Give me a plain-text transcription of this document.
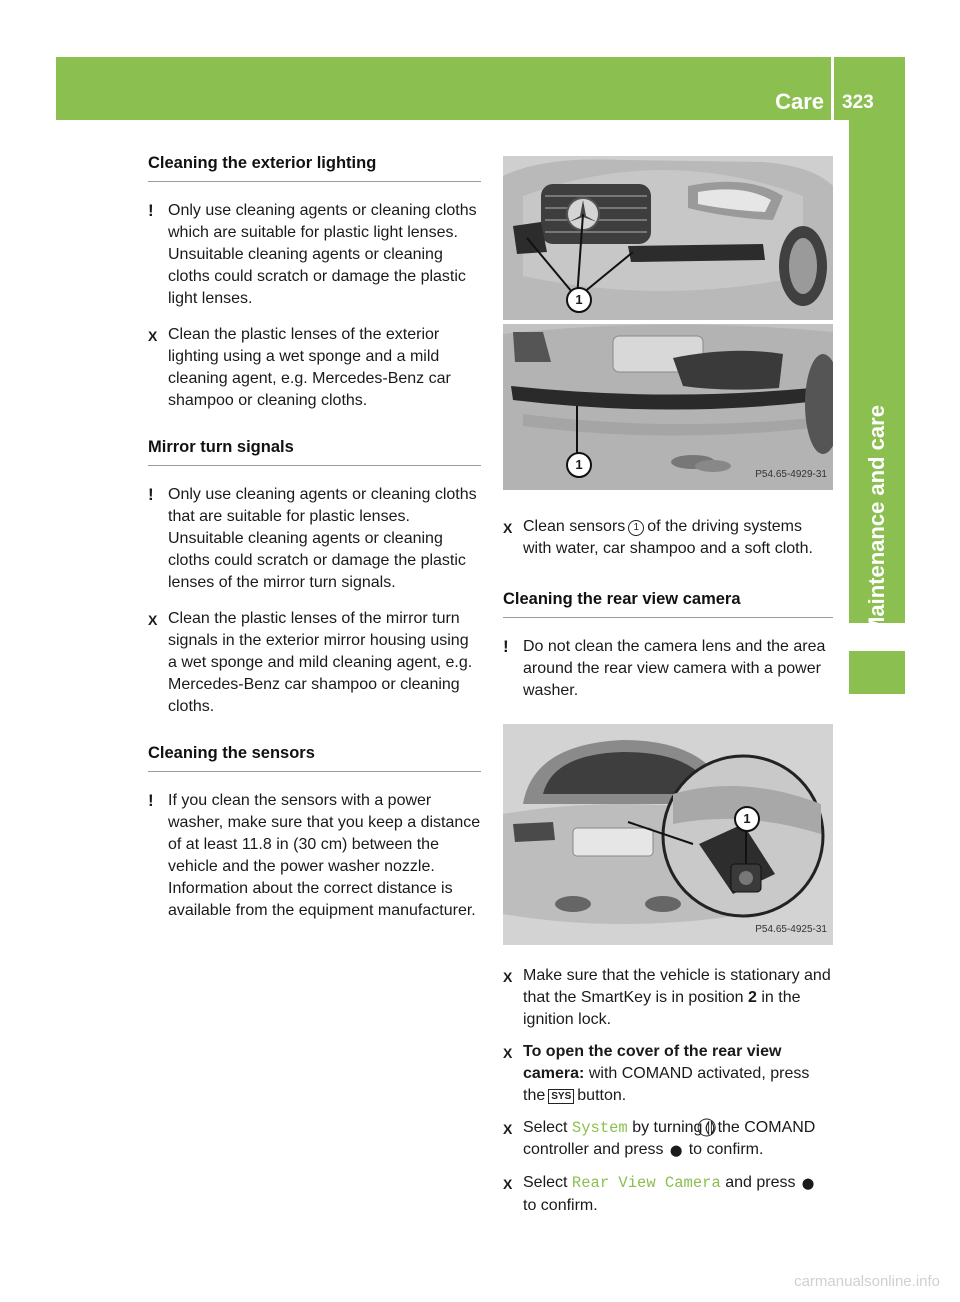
Care 323
Maintenance and care
Cleaning the exterior lighting
! Only use cleaning agents or cleaning cloths which are suitable for plastic light lenses. Unsuitable cleaning agents or cleaning cloths could scratch or damage the plastic light lenses.
X Clean the plastic lenses of the exterior lighting using a wet sponge and a mild cleaning agent, e.g. Mercedes-Benz car shampoo or cleaning cloths.
Mirror turn signals
! Only use cleaning agents or cleaning cloths that are suitable for plastic lenses. Unsuitable cleaning agents or cleaning cloths could scratch or damage the plastic lenses of the mirror turn signals.
X Clean the plastic lenses of the mirror turn signals in the exterior mirror housing using a wet sponge and mild cleaning agent, e.g. Mercedes-Benz car shampoo or cleaning cloths.
Cleaning the sensors
! If you clean the sensors with a power washer, make sure that you keep a distance of at least 11.8 in (30 cm) between the vehicle and the power washer nozzle. Information about the correct distance is available from the equipment manufacturer.
1
1
P54.65-4929-31
X Clean sensors 1 of the driving systems with water, car shampoo and a soft cloth.
Cleaning the rear view camera
! Do not clean the camera lens and the area around the rear view camera with a power washer.
1
P54.65-4925-31
X Make sure that the vehicle is stationary and that the SmartKey is in position 2 in the ignition lock.
X To open the cover of the rear view camera: with COMAND activated, press the SYS button.
X Select System by turning ⟬⃝⟭ the COMAND controller and press ⬤ to confirm.
X Select Rear View Camera and press ⬤ to confirm.
carmanualsonline.info
